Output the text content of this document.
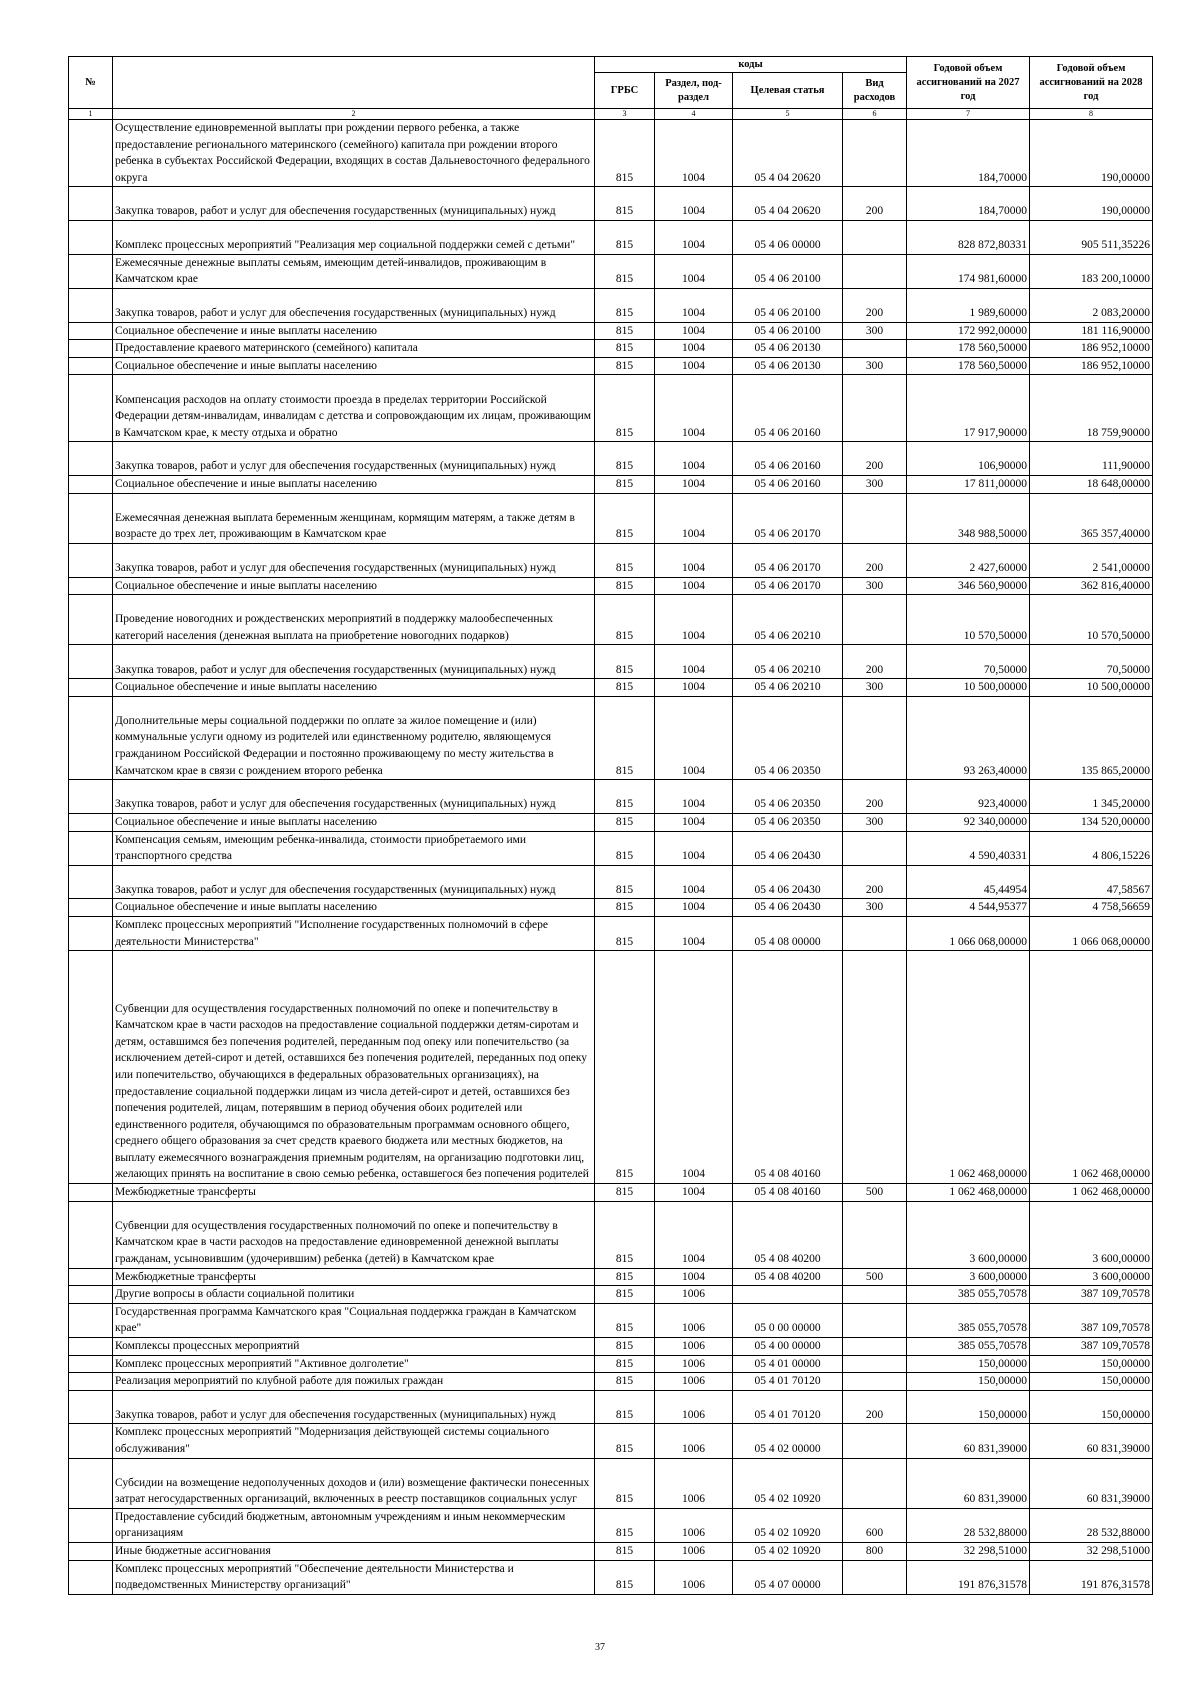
№		коды				Годовой объем ассигнований на 2027 год	Годовой объем ассигнований на 2028 год
		ГРБС	Раздел, под-раздел	Целевая статья	Вид расходов		
1	2	3	4	5	6	7	8
	Осуществление единовременной выплаты при рождении первого ребенка, а также предоставление регионального материнского (семейного) капитала при рождении второго ребенка в субъектах Российской Федерации, входящих в состав Дальневосточного федерального округа	815	1004	05 4 04 20620		184,70000	190,00000
	Закупка товаров, работ и услуг для обеспечения государственных (муниципальных) нужд	815	1004	05 4 04 20620	200	184,70000	190,00000
	Комплекс процессных мероприятий "Реализация мер социальной поддержки семей с детьми"	815	1004	05 4 06 00000		828 872,80331	905 511,35226
	Ежемесячные денежные выплаты семьям, имеющим детей-инвалидов, проживающим в Камчатском крае	815	1004	05 4 06 20100		174 981,60000	183 200,10000
	Закупка товаров, работ и услуг для обеспечения государственных (муниципальных) нужд	815	1004	05 4 06 20100	200	1 989,60000	2 083,20000
	Социальное обеспечение и иные выплаты населению	815	1004	05 4 06 20100	300	172 992,00000	181 116,90000
	Предоставление краевого материнского (семейного) капитала	815	1004	05 4 06 20130		178 560,50000	186 952,10000
	Социальное обеспечение и иные выплаты населению	815	1004	05 4 06 20130	300	178 560,50000	186 952,10000
	Компенсация расходов на оплату стоимости проезда в пределах территории Российской Федерации детям-инвалидам, инвалидам с детства и сопровождающим их лицам, проживающим в Камчатском крае, к месту отдыха и обратно	815	1004	05 4 06 20160		17 917,90000	18 759,90000
	Закупка товаров, работ и услуг для обеспечения государственных (муниципальных) нужд	815	1004	05 4 06 20160	200	106,90000	111,90000
	Социальное обеспечение и иные выплаты населению	815	1004	05 4 06 20160	300	17 811,00000	18 648,00000
	Ежемесячная денежная выплата беременным женщинам, кормящим матерям, а также детям в возрасте до трех лет, проживающим в Камчатском крае	815	1004	05 4 06 20170		348 988,50000	365 357,40000
	Закупка товаров, работ и услуг для обеспечения государственных (муниципальных) нужд	815	1004	05 4 06 20170	200	2 427,60000	2 541,00000
	Социальное обеспечение и иные выплаты населению	815	1004	05 4 06 20170	300	346 560,90000	362 816,40000
	Проведение новогодних и рождественских мероприятий в поддержку малообеспеченных категорий населения (денежная выплата на приобретение новогодних подарков)	815	1004	05 4 06 20210		10 570,50000	10 570,50000
	Закупка товаров, работ и услуг для обеспечения государственных (муниципальных) нужд	815	1004	05 4 06 20210	200	70,50000	70,50000
	Социальное обеспечение и иные выплаты населению	815	1004	05 4 06 20210	300	10 500,00000	10 500,00000
	Дополнительные меры социальной поддержки по оплате за жилое помещение и (или) коммунальные услуги одному из родителей или единственному родителю, являющемуся гражданином Российской Федерации и постоянно проживающему по месту жительства в Камчатском крае в связи с рождением второго ребенка	815	1004	05 4 06 20350		93 263,40000	135 865,20000
	Закупка товаров, работ и услуг для обеспечения государственных (муниципальных) нужд	815	1004	05 4 06 20350	200	923,40000	1 345,20000
	Социальное обеспечение и иные выплаты населению	815	1004	05 4 06 20350	300	92 340,00000	134 520,00000
	Компенсация семьям, имеющим ребенка-инвалида, стоимости приобретаемого ими транспортного средства	815	1004	05 4 06 20430		4 590,40331	4 806,15226
	Закупка товаров, работ и услуг для обеспечения государственных (муниципальных) нужд	815	1004	05 4 06 20430	200	45,44954	47,58567
	Социальное обеспечение и иные выплаты населению	815	1004	05 4 06 20430	300	4 544,95377	4 758,56659
	Комплекс процессных мероприятий "Исполнение государственных полномочий в сфере деятельности Министерства"	815	1004	05 4 08 00000		1 066 068,00000	1 066 068,00000
	Субвенции для осуществления государственных полномочий по опеке и попечительству в Камчатском крае в части расходов на предоставление социальной поддержки детям-сиротам и детям, оставшимся без попечения родителей, переданным под опеку или попечительство (за исключением детей-сирот и детей, оставшихся без попечения родителей, переданных под опеку или попечительство, обучающихся в федеральных образовательных организациях), на предоставление социальной поддержки лицам из числа детей-сирот и детей, оставшихся без попечения родителей, лицам, потерявшим в период обучения обоих родителей или единственного родителя, обучающимся по образовательным программам основного общего, среднего общего образования за счет средств краевого бюджета или местных бюджетов, на выплату ежемесячного вознаграждения приемным родителям, на организацию подготовки лиц, желающих принять на воспитание в свою семью ребенка, оставшегося без попечения родителей	815	1004	05 4 08 40160		1 062 468,00000	1 062 468,00000
	Межбюджетные трансферты	815	1004	05 4 08 40160	500	1 062 468,00000	1 062 468,00000
	Субвенции для осуществления государственных полномочий по опеке и попечительству в Камчатском крае в части расходов на предоставление единовременной денежной выплаты гражданам, усыновившим (удочерившим) ребенка (детей) в Камчатском крае	815	1004	05 4 08 40200		3 600,00000	3 600,00000
	Межбюджетные трансферты	815	1004	05 4 08 40200	500	3 600,00000	3 600,00000
	Другие вопросы в области социальной политики	815	1006			385 055,70578	387 109,70578
	Государственная программа Камчатского края "Социальная поддержка граждан в Камчатском крае"	815	1006	05 0 00 00000		385 055,70578	387 109,70578
	Комплексы процессных мероприятий	815	1006	05 4 00 00000		385 055,70578	387 109,70578
	Комплекс процессных мероприятий "Активное долголетие"	815	1006	05 4 01 00000		150,00000	150,00000
	Реализация мероприятий по клубной работе для пожилых граждан	815	1006	05 4 01 70120		150,00000	150,00000
	Закупка товаров, работ и услуг для обеспечения государственных (муниципальных) нужд	815	1006	05 4 01 70120	200	150,00000	150,00000
	Комплекс процессных мероприятий "Модернизация действующей системы социального обслуживания"	815	1006	05 4 02 00000		60 831,39000	60 831,39000
	Субсидии на возмещение недополученных доходов и (или) возмещение фактически понесенных затрат негосударственных организаций, включенных в реестр поставщиков социальных услуг	815	1006	05 4 02 10920		60 831,39000	60 831,39000
	Предоставление субсидий бюджетным, автономным учреждениям и иным некоммерческим организациям	815	1006	05 4 02 10920	600	28 532,88000	28 532,88000
	Иные бюджетные ассигнования	815	1006	05 4 02 10920	800	32 298,51000	32 298,51000
	Комплекс процессных мероприятий "Обеспечение деятельности Министерства и подведомственных Министерству организаций"	815	1006	05 4 07 00000		191 876,31578	191 876,31578
37
